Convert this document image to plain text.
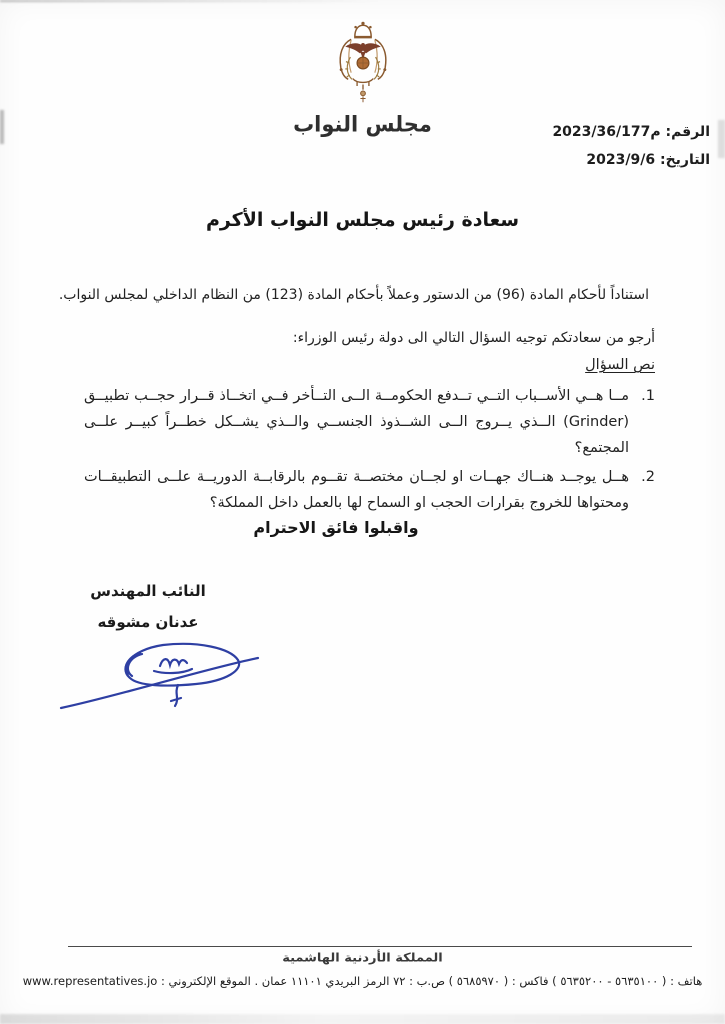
مجلس النواب	الرقم: م2023/36/177
التاريخ: 2023/9/6
سعادة رئيس مجلس النواب الأكرم

استناداً لأحكام المادة (96) من الدستور وعملاً بأحكام المادة (123) من النظام الداخلي لمجلس النواب.

أرجو من سعادتكم توجيه السؤال التالي الى دولة رئيس الوزراء:

نص السؤال
1.
مــا هــي الأســباب التــي تــدفع الحكومــة الــى التــأخر فــي اتخــاذ قــرار حجــب تطبيــق (Grinder) الــذي يــروج الــى الشــذوذ الجنســي والــذي يشــكل خطــراً كبيــر علــى المجتمع؟
2.
هــل يوجــد هنــاك جهــات او لجــان مختصــة تقــوم بالرقابــة الدوريــة علــى التطبيقــات ومحتواها للخروج بقرارات الحجب او السماح لها بالعمل داخل المملكة؟
واقبلوا فائق الاحترام
النائب المهندس
عدنان مشوقه
المملكة الأردنية الهاشمية
هاتف : ( ٥٦٣٥١٠٠ - ٥٦٣٥٢٠٠ ) فاكس : ( ٥٦٨٥٩٧٠ ) ص.ب : ٧٢ الرمز البريدي ١١١٠١ عمان . الموقع الإلكتروني : www.representatives.jo
